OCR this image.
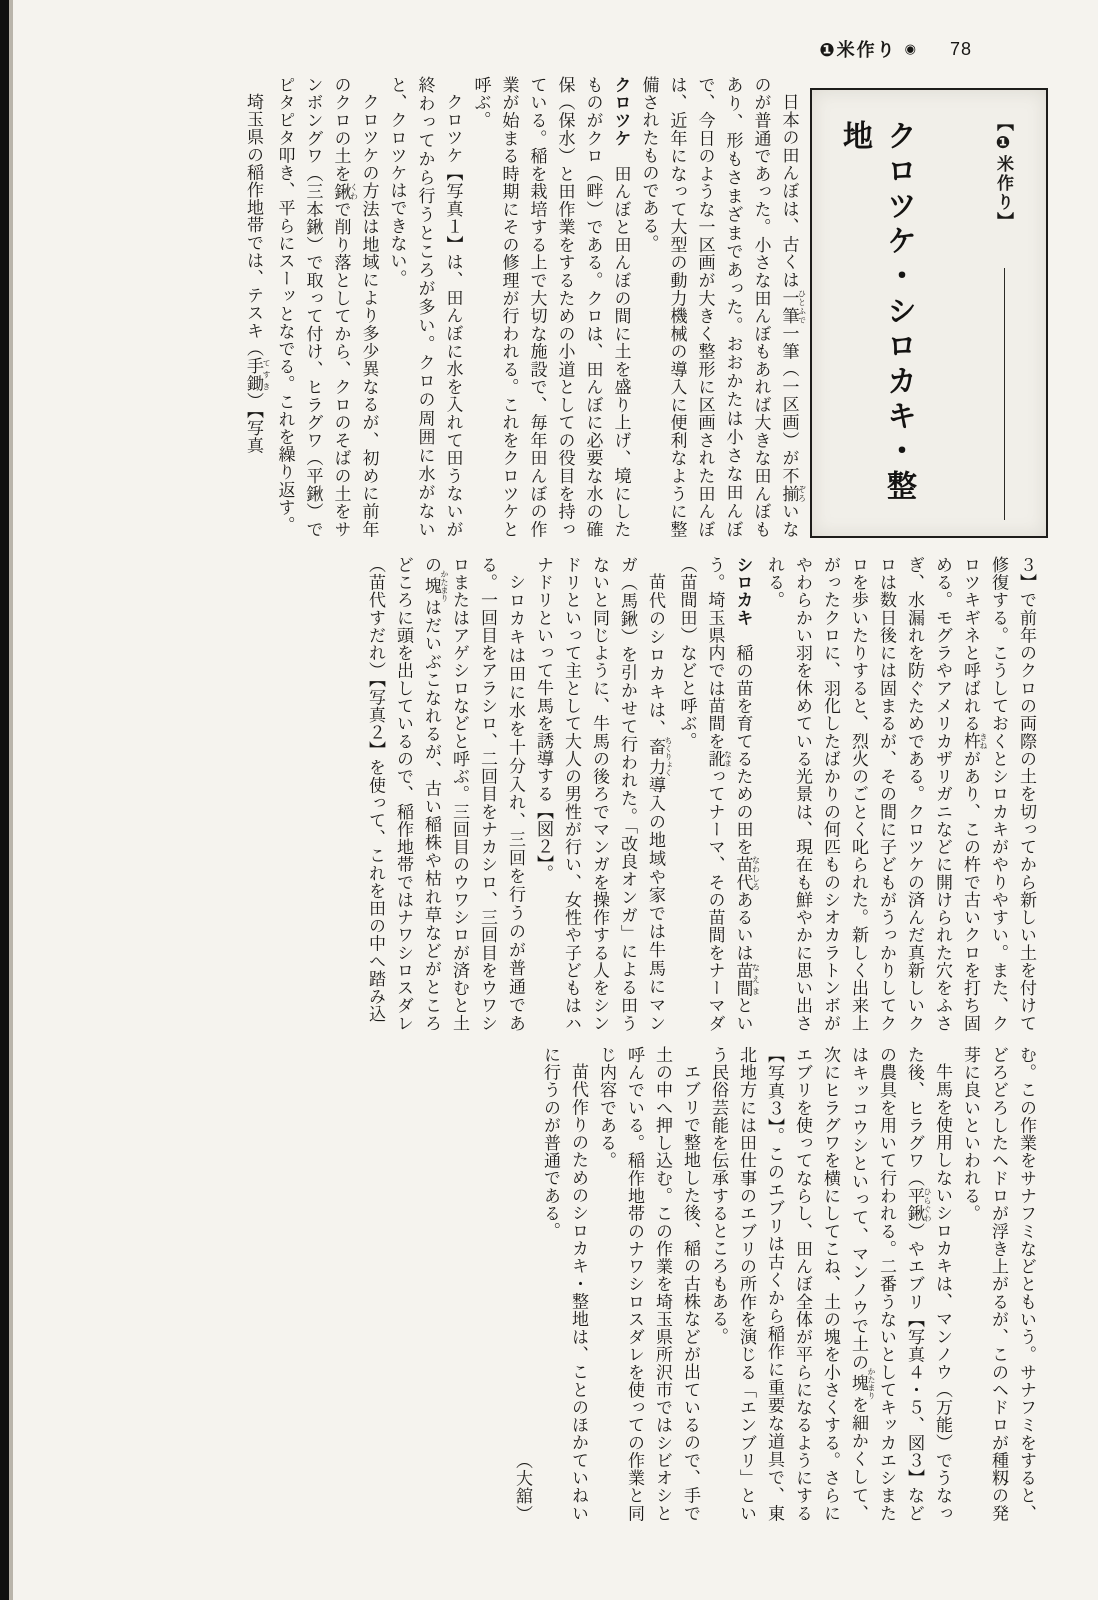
❶米作り ◉ 78
【❶米作り】
クロツケ・シロカキ・整地

日本の田んぼは、古くは一筆 ひとふで一筆（一区画）が不揃 ぞろいなのが普通であった。小さな田んぼもあれば大きな田んぼもあり、形もさまざまであった。おおかたは小さな田んぼで、今日のような一区画が大きく整形に区画された田んぼは、近年になって大型の動力機械の導入に便利なように整備されたものである。

クロツケ　田んぼと田んぼの間に土を盛り上げ、境にしたものがクロ（畔）である。クロは、田んぼに必要な水の確保（保水）と田作業をするための小道としての役目を持っている。稲を栽培する上で大切な施設で、毎年田んぼの作業が始まる時期にその修理が行われる。これをクロツケと呼ぶ。

クロツケ【写真１】は、田んぼに水を入れて田うないが終わってから行うところが多い。クロの周囲に水がないと、クロツケはできない。

クロツケの方法は地域により多少異なるが、初めに前年のクロの土を鍬 くわで削り落としてから、クロのそばの土をサンボングワ（三本鍬）で取って付け、ヒラグワ（平鍬）でピタピタ叩き、平らにスーッとなでる。これを繰り返す。

埼玉県の稲作地帯では、テスキ（手鋤 てすき）【写真

３】で前年のクロの両際の土を切ってから新しい土を付けて修復する。こうしておくとシロカキがやりやすい。また、クロツキギネと呼ばれる杵 きねがあり、この杵で古いクロを打ち固める。モグラやアメリカザリガニなどに開けられた穴をふさぎ、水漏れを防ぐためである。クロツケの済んだ真新しいクロは数日後には固まるが、その間に子どもがうっかりしてクロを歩いたりすると、烈火のごとく叱られた。新しく出来上がったクロに、羽化したばかりの何匹ものシオカラトンボがやわらかい羽を休めている光景は、現在も鮮やかに思い出される。

シロカキ　稲の苗を育てるための田を苗代 なわしろあるいは苗間 なえまという。埼玉県内では苗間を訛 なまってナーマ、その苗間をナーマダ（苗間田）などと呼ぶ。

苗代のシロカキは、畜力 ちくりょく導入の地域や家では牛馬にマンガ（馬鍬）を引かせて行われた。「改良オンガ」による田うないと同じように、牛馬の後ろでマンガを操作する人をシンドリといって主として大人の男性が行い、女性や子どもはハナドリといって牛馬を誘導する【図２】。

シロカキは田に水を十分入れ、三回を行うのが普通である。一回目をアラシロ、二回目をナカシロ、三回目をウワシロまたはアゲシロなどと呼ぶ。三回目のウワシロが済むと土の塊 かたまりはだいぶこなれるが、古い稲株や枯れ草などがところどころに頭を出しているので、稲作地帯ではナワシロスダレ（苗代すだれ）【写真２】を使って、これを田の中へ踏み込

む。この作業をサナフミなどともいう。サナフミをすると、どろどろしたヘドロが浮き上がるが、このヘドロが種籾の発芽に良いといわれる。

牛馬を使用しないシロカキは、マンノウ（万能）でうなった後、ヒラグワ（平鍬 ひらぐわ）やエブリ【写真４・５、図３】などの農具を用いて行われる。二番うないとしてキッカエシまたはキッコウシといって、マンノウで土の塊 かたまりを細かくして、次にヒラグワを横にしてこね、土の塊を小さくする。さらにエブリを使ってならし、田んぼ全体が平らになるようにする【写真３】。このエブリは古くから稲作に重要な道具で、東北地方には田仕事のエブリの所作を演じる「エンブリ」という民俗芸能を伝承するところもある。

エブリで整地した後、稲の古株などが出ているので、手で土の中へ押し込む。この作業を埼玉県所沢市ではシビオシと呼んでいる。稲作地帯のナワシロスダレを使っての作業と同じ内容である。

苗代作りのためのシロカキ・整地は、ことのほかていねいに行うのが普通である。

（大舘）
